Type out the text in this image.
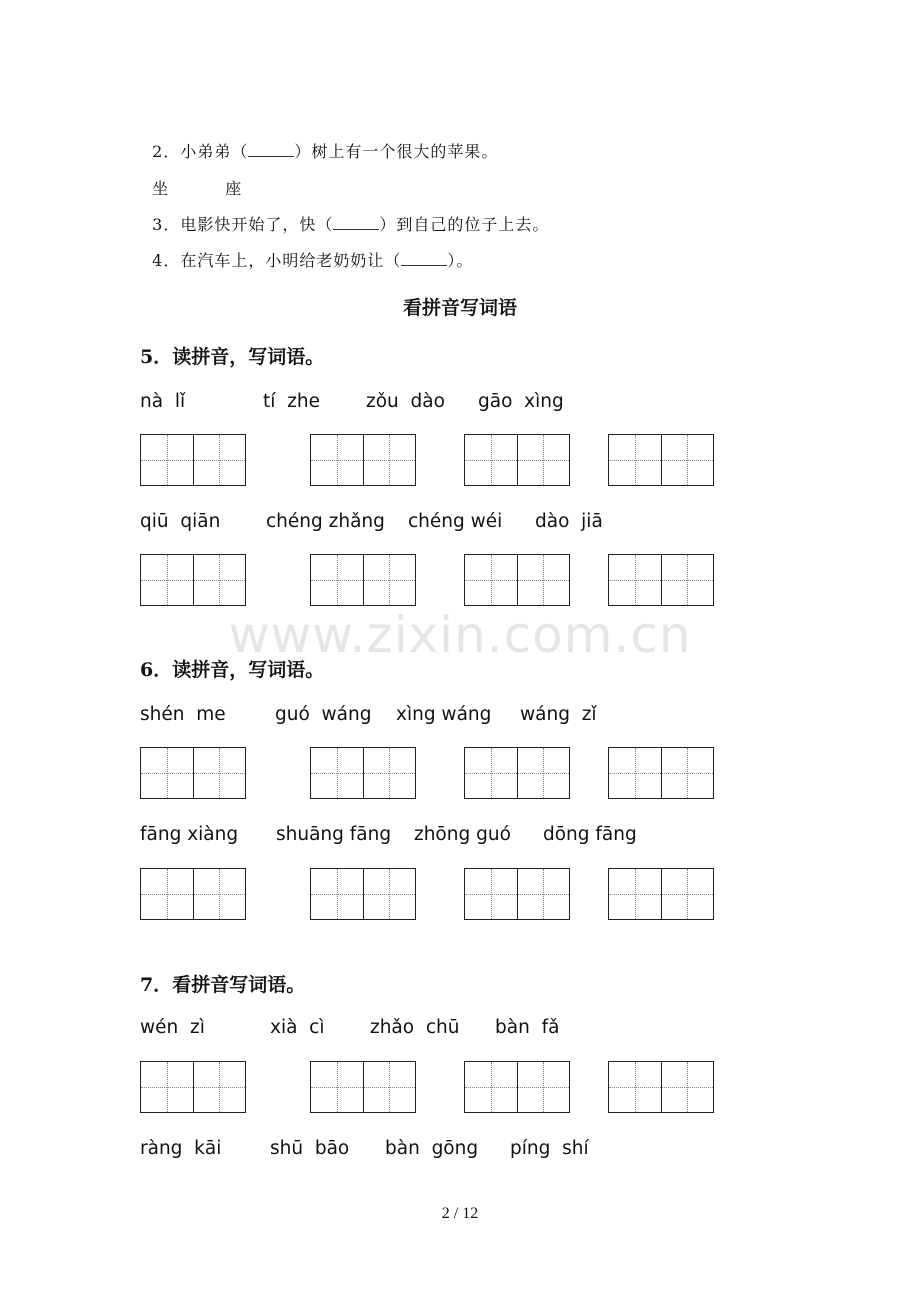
2．小弟弟（	）树上有一个很大的苹果。

坐	座

3．电影快开始了，快（	）到自己的位子上去。

4．在汽车上，小明给老奶奶让（	）。

看拼音写词语
5．读拼音，写词语。
nà  lǐ	tí  zhe zǒu  dào gāo  xìng
qiū  qiān chéng zhǎng chéng wéi dào  jiā
6．读拼音，写词语。
shén  me	guó  wáng xìng wáng wáng  zǐ
fāng xiàng shuāng fāng zhōng guó dōng fāng
7．看拼音写词语。
wén  zì	xià  cì zhǎo  chū bàn  fǎ
ràng  kāi	shū  bāo bàn  gōng píng  shí
www.zixin.com.cn
2 / 12
